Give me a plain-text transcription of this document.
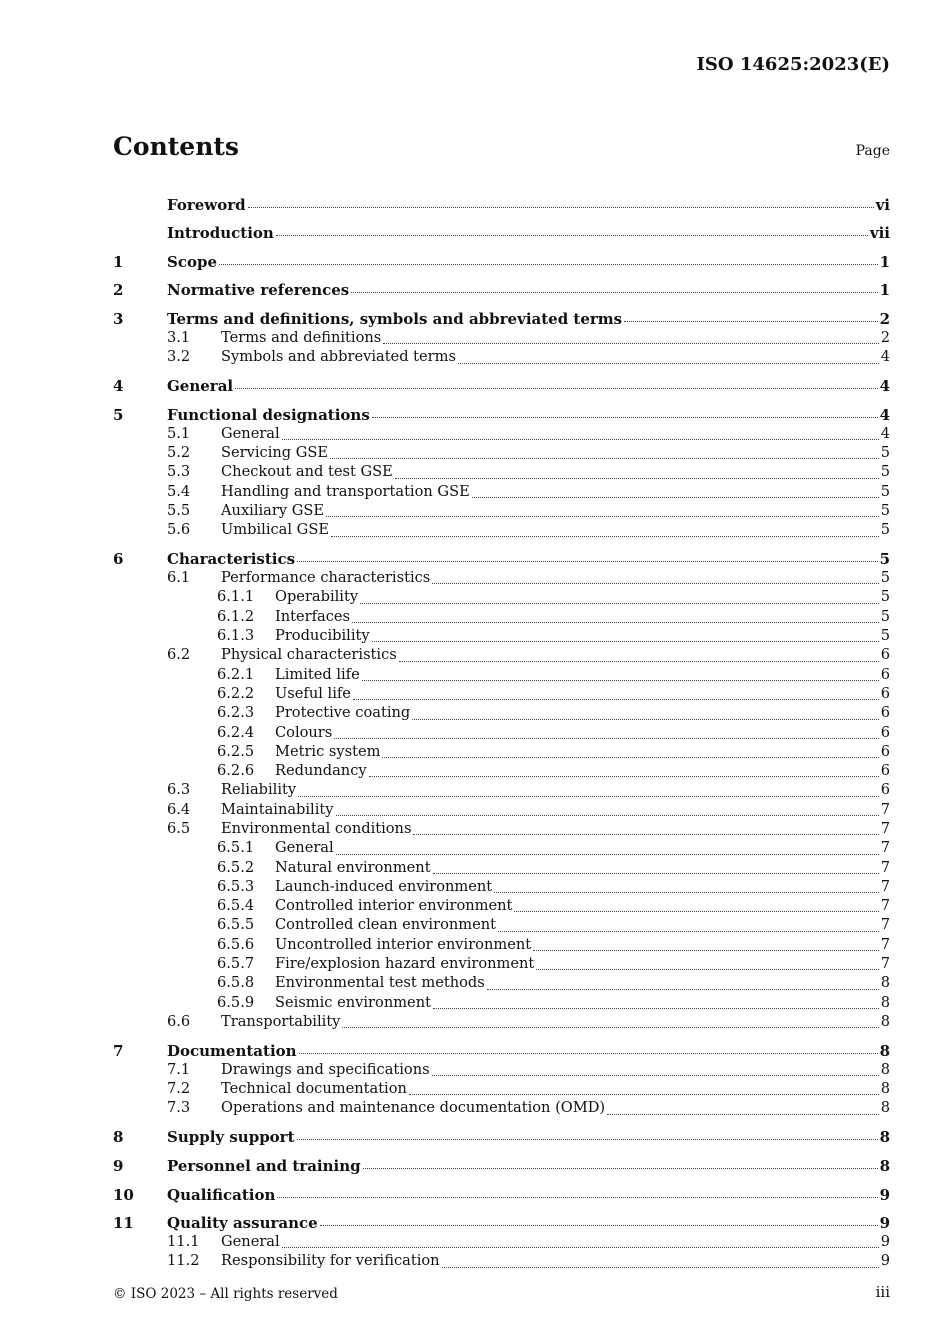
ISO 14625:2023(E)
Contents	Page
Foreword	vi
Introduction	vii
1	Scope	1
2	Normative references	1
3	Terms and definitions, symbols and abbreviated terms	2
3.1	Terms and definitions	2
3.2	Symbols and abbreviated terms	4
4	General	4
5	Functional designations	4
5.1	General	4
5.2	Servicing GSE	5
5.3	Checkout and test GSE	5
5.4	Handling and transportation GSE	5
5.5	Auxiliary GSE	5
5.6	Umbilical GSE	5
6	Characteristics	5
6.1	Performance characteristics	5
6.1.1	Operability	5
6.1.2	Interfaces	5
6.1.3	Producibility	5
6.2	Physical characteristics	6
6.2.1	Limited life	6
6.2.2	Useful life	6
6.2.3	Protective coating	6
6.2.4	Colours	6
6.2.5	Metric system	6
6.2.6	Redundancy	6
6.3	Reliability	6
6.4	Maintainability	7
6.5	Environmental conditions	7
6.5.1	General	7
6.5.2	Natural environment	7
6.5.3	Launch-induced environment	7
6.5.4	Controlled interior environment	7
6.5.5	Controlled clean environment	7
6.5.6	Uncontrolled interior environment	7
6.5.7	Fire/explosion hazard environment	7
6.5.8	Environmental test methods	8
6.5.9	Seismic environment	8
6.6	Transportability	8
7	Documentation	8
7.1	Drawings and specifications	8
7.2	Technical documentation	8
7.3	Operations and maintenance documentation (OMD)	8
8	Supply support	8
9	Personnel and training	8
10	Qualification	9
11	Quality assurance	9
11.1	General	9
11.2	Responsibility for verification	9
© ISO 2023 – All rights reserved	iii
